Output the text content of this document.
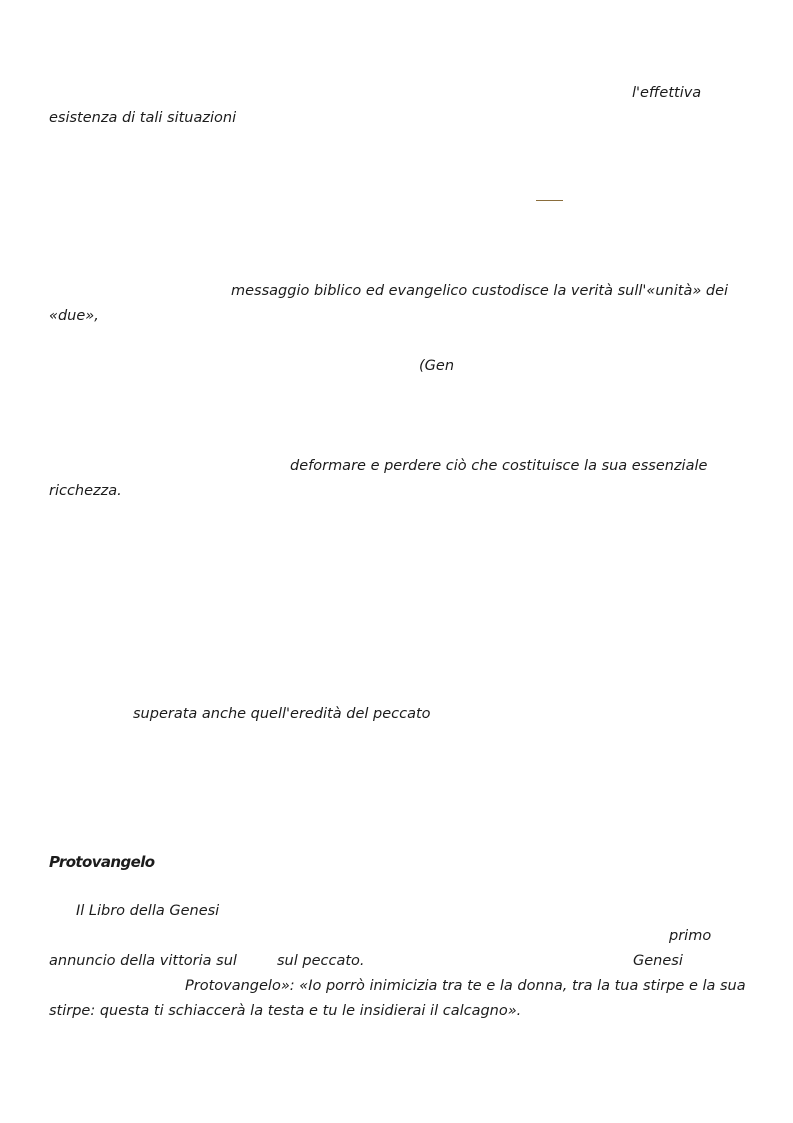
l'effettiva
esistenza di tali situazioni
messaggio biblico ed evangelico custodisce la verità sull'«unità» dei
«due»,
(Gen
deformare e perdere ciò che costituisce la sua essenziale
ricchezza.
superata anche quell'eredità del peccato
Protovangelo
Il Libro della Genesi
primo
annuncio della vittoria sul	sul peccato.	Genesi
Protovangelo»: «Io porrò inimicizia tra te e la donna, tra la tua stirpe e la sua
stirpe: questa ti schiaccerà la testa e tu le insidierai il calcagno».
